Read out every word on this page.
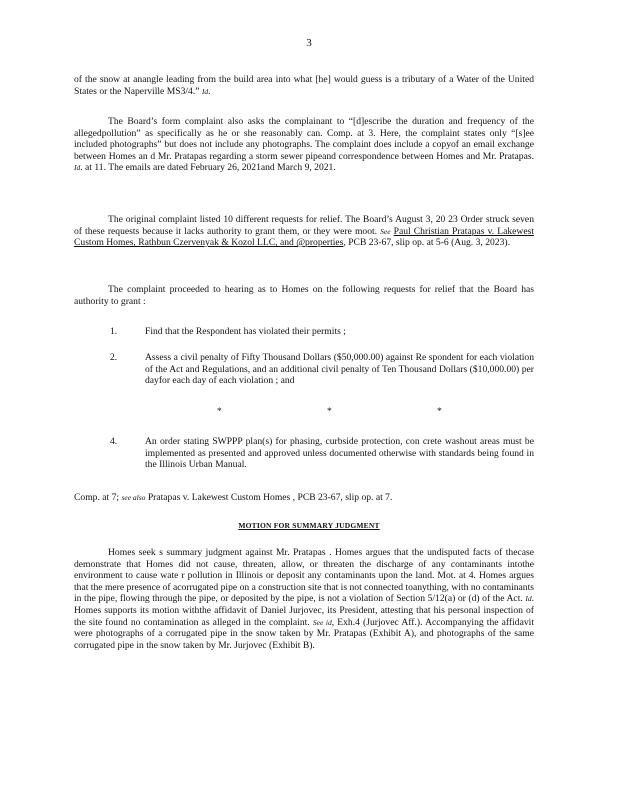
3
of the snow at anangle leading from the build area into what [he] would guess is a tributary of a Water of the United States or the Naperville MS3/4.” Id.
The Board’s form complaint also asks the complainant to “[d]escribe the duration and frequency of the allegedpollution” as specifically as he or she reasonably can. Comp. at 3. Here, the complaint states only “[s]ee included photographs” but does not include any photographs. The complaint does include a copyof an email exchange between Homes an d Mr. Pratapas regarding a storm sewer pipeand correspondence between Homes and Mr. Pratapas. Id. at 11. The emails are dated February 26, 2021and March 9, 2021.
The original complaint listed 10 different requests for relief. The Board’s August 3, 20 23 Order struck seven of these requests because it lacks authority to grant them, or they were moot. See Paul Christian Pratapas v. Lakewest Custom Homes, Rathbun Czervenyak & Kozol LLC, and @properties, PCB 23-67, slip op. at 5-6 (Aug. 3, 2023).
The complaint proceeded to hearing as to Homes on the following requests for relief that the Board has authority to grant :
1.	Find that the Respondent has violated their permits ;
2.	Assess a civil penalty of Fifty Thousand Dollars ($50,000.00) against Re spondent for each violation of the Act and Regulations, and an additional civil penalty of Ten Thousand Dollars ($10,000.00) per dayfor each day of each violation ; and
*	*	*
4.	An order stating SWPPP plan(s) for phasing, curbside protection, con crete washout areas must be implemented as presented and approved unless documented otherwise with standards being found in the Illinois Urban Manual.
Comp. at 7; see also Pratapas v. Lakewest Custom Homes , PCB 23-67, slip op. at 7.
MOTION FOR SUMMARY JUDGMENT
Homes seek s summary judgment against Mr. Pratapas . Homes argues that the undisputed facts of thecase demonstrate that Homes did not cause, threaten, allow, or threaten the discharge of any contaminants intothe environment to cause wate r pollution in Illinois or deposit any contaminants upon the land. Mot. at 4. Homes argues that the mere presence of acorrugated pipe on a construction site that is not connected toanything, with no contaminants in the pipe, flowing through the pipe, or deposited by the pipe, is not a violation of Section 5/12(a) or (d) of the Act. Id. Homes supports its motion withthe affidavit of Daniel Jurjovec, its President, attesting that his personal inspection of the site found no contamination as alleged in the complaint. See id, Exh.4 (Jurjovec Aff.). Accompanying the affidavit were photographs of a corrugated pipe in the snow taken by Mr. Pratapas (Exhibit A), and photographs of the same corrugated pipe in the snow taken by Mr. Jurjovec (Exhibit B).
